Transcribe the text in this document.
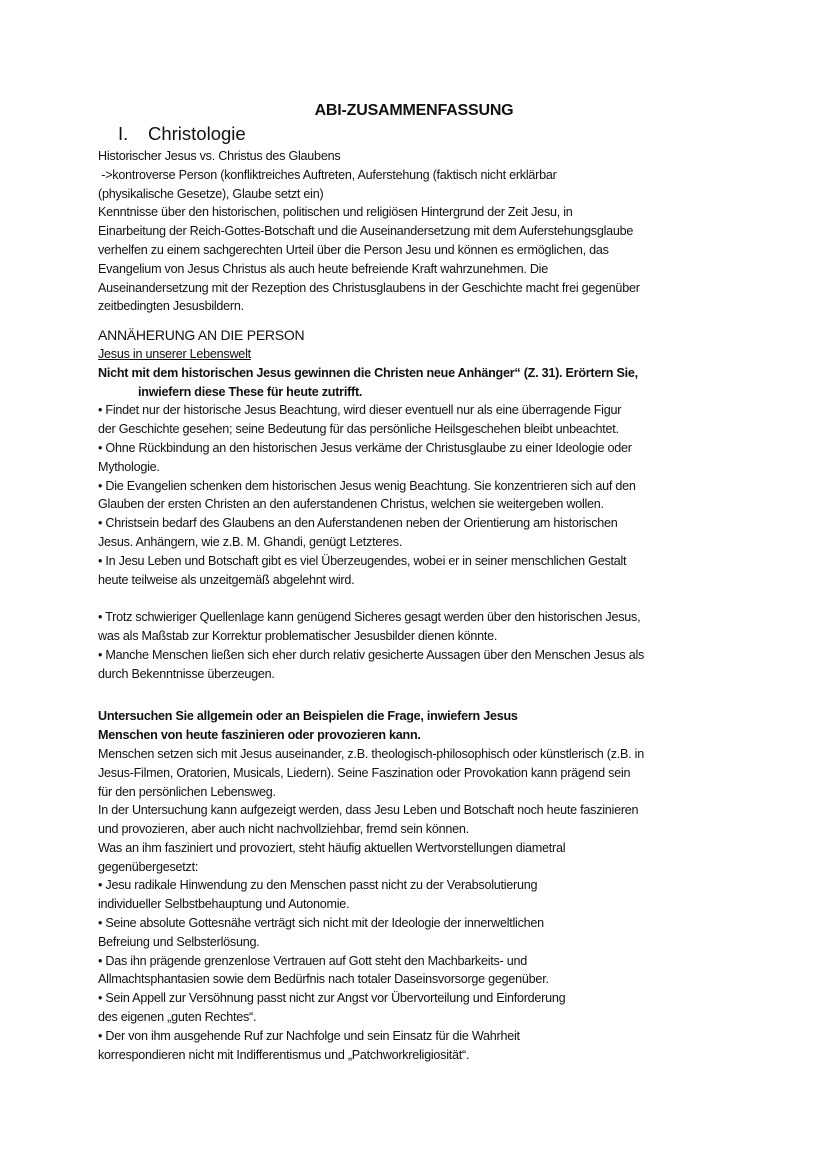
ABI-ZUSAMMENFASSUNG
I. Christologie
Historischer Jesus vs. Christus des Glaubens
->kontroverse Person (konfliktreiches Auftreten, Auferstehung (faktisch nicht erklärbar
(physikalische Gesetze), Glaube setzt ein)
Kenntnisse über den historischen, politischen und religiösen Hintergrund der Zeit Jesu, in
Einarbeitung der Reich-Gottes-Botschaft und die Auseinandersetzung mit dem Auferstehungsglaube
verhelfen zu einem sachgerechten Urteil über die Person Jesu und können es ermöglichen, das
Evangelium von Jesus Christus als auch heute befreiende Kraft wahrzunehmen. Die
Auseinandersetzung mit der Rezeption des Christusglaubens in der Geschichte macht frei gegenüber
zeitbedingten Jesusbildern.
ANNÄHERUNG AN DIE PERSON
Jesus in unserer Lebenswelt
Nicht mit dem historischen Jesus gewinnen die Christen neue Anhänger“ (Z. 31). Erörtern Sie,
inwiefern diese These für heute zutrifft.
• Findet nur der historische Jesus Beachtung, wird dieser eventuell nur als eine überragende Figur
der Geschichte gesehen; seine Bedeutung für das persönliche Heilsgeschehen bleibt unbeachtet.
• Ohne Rückbindung an den historischen Jesus verkäme der Christusglaube zu einer Ideologie oder
Mythologie.
• Die Evangelien schenken dem historischen Jesus wenig Beachtung. Sie konzentrieren sich auf den
Glauben der ersten Christen an den auferstandenen Christus, welchen sie weitergeben wollen.
• Christsein bedarf des Glaubens an den Auferstandenen neben der Orientierung am historischen
Jesus. Anhängern, wie z.B. M. Ghandi, genügt Letzteres.
• In Jesu Leben und Botschaft gibt es viel Überzeugendes, wobei er in seiner menschlichen Gestalt
heute teilweise als unzeitgemäß abgelehnt wird.
• Trotz schwieriger Quellenlage kann genügend Sicheres gesagt werden über den historischen Jesus,
was als Maßstab zur Korrektur problematischer Jesusbilder dienen könnte.
• Manche Menschen ließen sich eher durch relativ gesicherte Aussagen über den Menschen Jesus als
durch Bekenntnisse überzeugen.
Untersuchen Sie allgemein oder an Beispielen die Frage, inwiefern Jesus
Menschen von heute faszinieren oder provozieren kann.
Menschen setzen sich mit Jesus auseinander, z.B. theologisch-philosophisch oder künstlerisch (z.B. in
Jesus-Filmen, Oratorien, Musicals, Liedern). Seine Faszination oder Provokation kann prägend sein
für den persönlichen Lebensweg.
In der Untersuchung kann aufgezeigt werden, dass Jesu Leben und Botschaft noch heute faszinieren
und provozieren, aber auch nicht nachvollziehbar, fremd sein können.
Was an ihm fasziniert und provoziert, steht häufig aktuellen Wertvorstellungen diametral
gegenübergesetzt:
• Jesu radikale Hinwendung zu den Menschen passt nicht zu der Verabsolutierung
individueller Selbstbehauptung und Autonomie.
• Seine absolute Gottesnähe verträgt sich nicht mit der Ideologie der innerweltlichen
Befreiung und Selbsterlösung.
• Das ihn prägende grenzenlose Vertrauen auf Gott steht den Machbarkeits- und
Allmachtsphantasien sowie dem Bedürfnis nach totaler Daseinsvorsorge gegenüber.
• Sein Appell zur Versöhnung passt nicht zur Angst vor Übervorteilung und Einforderung
des eigenen „guten Rechtes“.
• Der von ihm ausgehende Ruf zur Nachfolge und sein Einsatz für die Wahrheit
korrespondieren nicht mit Indifferentismus und „Patchworkreligiosität“.
